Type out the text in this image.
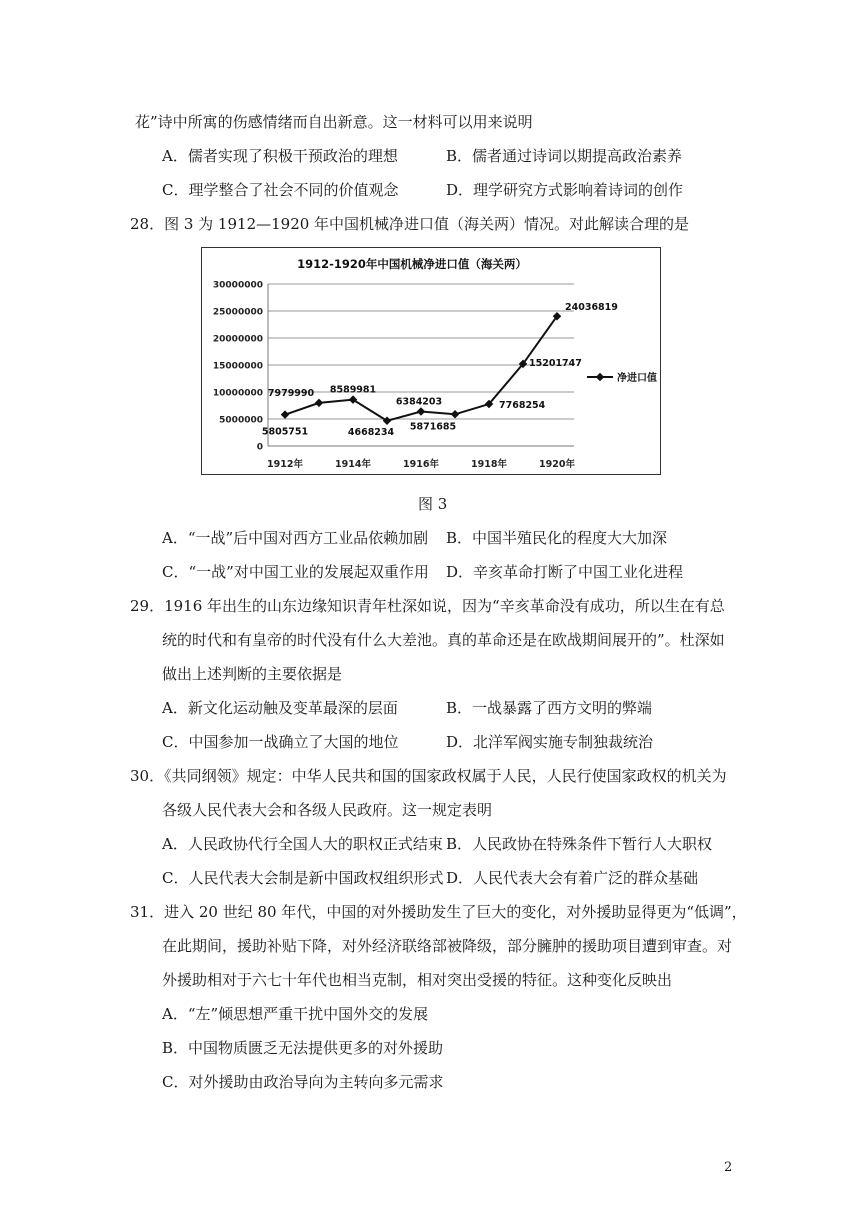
花”诗中所寓的伤感情绪而自出新意。这一材料可以用来说明
A．儒者实现了积极干预政治的理想	B．儒者通过诗词以期提高政治素养
C．理学整合了社会不同的价值观念	D．理学研究方式影响着诗词的创作
28．图 3 为 1912—1920 年中国机械净进口值（海关两）情况。对此解读合理的是
1912-1920年中国机械净进口值（海关两）
30000000
25000000
20000000
15000000
10000000
5000000
0
1912年	1914年	1916年	1918年	1920年
5805751
7979990 8589981
4668234
6384203
5871685
7768254
15201747
24036819
净进口值
图 3
A．“一战”后中国对西方工业品依赖加剧 B．中国半殖民化的程度大大加深
C．“一战”对中国工业的发展起双重作用 D．辛亥革命打断了中国工业化进程
29．1916 年出生的山东边缘知识青年杜深如说，因为“辛亥革命没有成功，所以生在有总
统的时代和有皇帝的时代没有什么大差池。真的革命还是在欧战期间展开的”。杜深如
做出上述判断的主要依据是
A．新文化运动触及变革最深的层面	B．一战暴露了西方文明的弊端
C．中国参加一战确立了大国的地位	D．北洋军阀实施专制独裁统治
30．《共同纲领》规定：中华人民共和国的国家政权属于人民，人民行使国家政权的机关为
各级人民代表大会和各级人民政府。这一规定表明
A．人民政协代行全国人大的职权正式结束 B．人民政协在特殊条件下暂行人大职权
C．人民代表大会制是新中国政权组织形式 D．人民代表大会有着广泛的群众基础
31．进入 20 世纪 80 年代，中国的对外援助发生了巨大的变化，对外援助显得更为“低调”，
在此期间，援助补贴下降，对外经济联络部被降级，部分臃肿的援助项目遭到审查。对
外援助相对于六七十年代也相当克制，相对突出受援的特征。这种变化反映出
A．“左”倾思想严重干扰中国外交的发展
B．中国物质匮乏无法提供更多的对外援助
C．对外援助由政治导向为主转向多元需求
2
